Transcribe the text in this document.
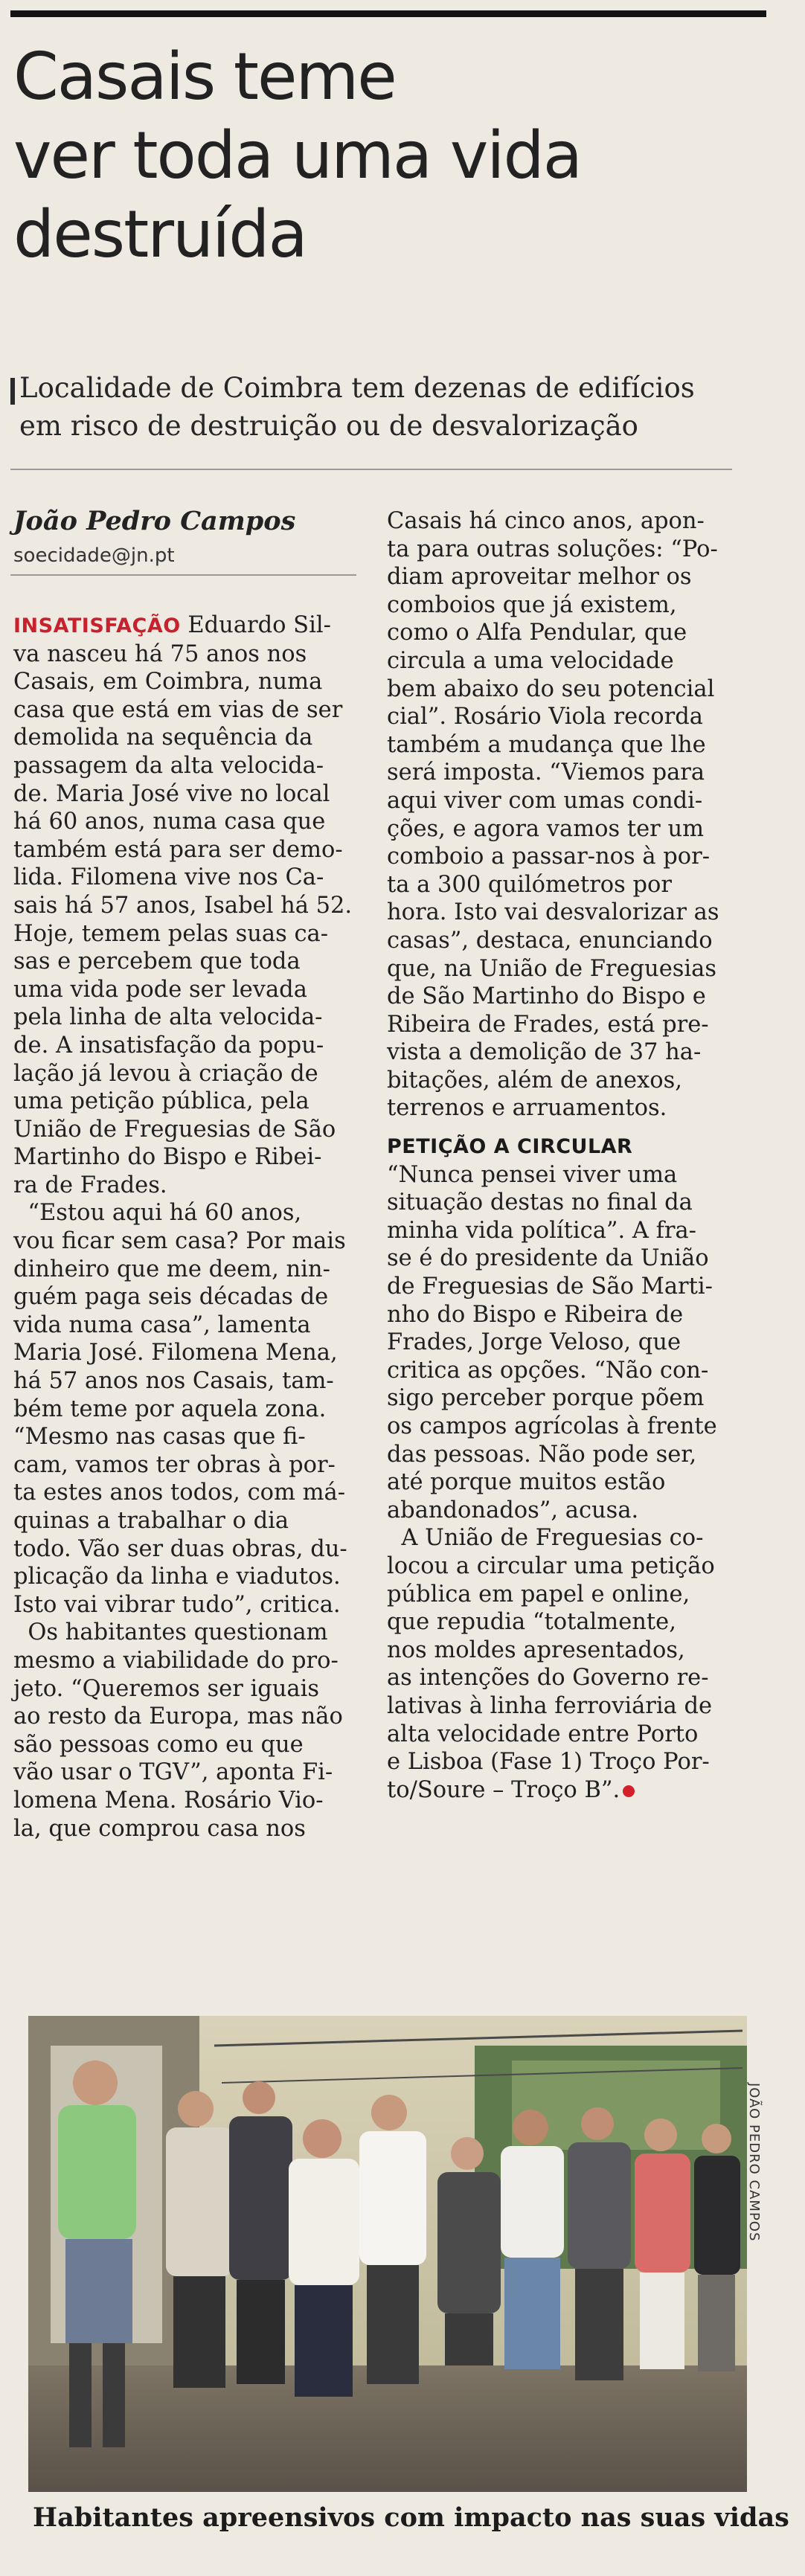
Casais teme
ver toda uma vida
destruída

Localidade de Coimbra tem dezenas de edifícios
em risco de destruição ou de desvalorização

João Pedro Campos
soecidade@jn.pt
INSATISFAÇÃO Eduardo Sil-
va nasceu há 75 anos nos
Casais, em Coimbra, numa
casa que está em vias de ser
demolida na sequência da
passagem da alta velocida-
de. Maria José vive no local
há 60 anos, numa casa que
também está para ser demo-
lida. Filomena vive nos Ca-
sais há 57 anos, Isabel há 52.
Hoje, temem pelas suas ca-
sas e percebem que toda
uma vida pode ser levada
pela linha de alta velocida-
de. A insatisfação da popu-
lação já levou à criação de
uma petição pública, pela
União de Freguesias de São
Martinho do Bispo e Ribei-
ra de Frades.
“Estou aqui há 60 anos,
vou ficar sem casa? Por mais
dinheiro que me deem, nin-
guém paga seis décadas de
vida numa casa”, lamenta
Maria José. Filomena Mena,
há 57 anos nos Casais, tam-
bém teme por aquela zona.
“Mesmo nas casas que fi-
cam, vamos ter obras à por-
ta estes anos todos, com má-
quinas a trabalhar o dia
todo. Vão ser duas obras, du-
plicação da linha e viadutos.
Isto vai vibrar tudo”, critica.
Os habitantes questionam
mesmo a viabilidade do pro-
jeto. “Queremos ser iguais
ao resto da Europa, mas não
são pessoas como eu que
vão usar o TGV”, aponta Fi-
lomena Mena. Rosário Vio-
la, que comprou casa nos
Casais há cinco anos, apon-
ta para outras soluções: “Po-
diam aproveitar melhor os
comboios que já existem,
como o Alfa Pendular, que
circula a uma velocidade
bem abaixo do seu potencial
cial”. Rosário Viola recorda
também a mudança que lhe
será imposta. “Viemos para
aqui viver com umas condi-
ções, e agora vamos ter um
comboio a passar-nos à por-
ta a 300 quilómetros por
hora. Isto vai desvalorizar as
casas”, destaca, enunciando
que, na União de Freguesias
de São Martinho do Bispo e
Ribeira de Frades, está pre-
vista a demolição de 37 ha-
bitações, além de anexos,
terrenos e arruamentos.
PETIÇÃO A CIRCULAR
“Nunca pensei viver uma
situação destas no final da
minha vida política”. A fra-
se é do presidente da União
de Freguesias de São Marti-
nho do Bispo e Ribeira de
Frades, Jorge Veloso, que
critica as opções. “Não con-
sigo perceber porque põem
os campos agrícolas à frente
das pessoas. Não pode ser,
até porque muitos estão
abandonados”, acusa.
A União de Freguesias co-
locou a circular uma petição
pública em papel e online,
que repudia “totalmente,
nos moldes apresentados,
as intenções do Governo re-
lativas à linha ferroviária de
alta velocidade entre Porto
e Lisboa (Fase 1) Troço Por-
to/Soure – Troço B”.
JOÃO PEDRO CAMPOS

Habitantes apreensivos com impacto nas suas vidas
